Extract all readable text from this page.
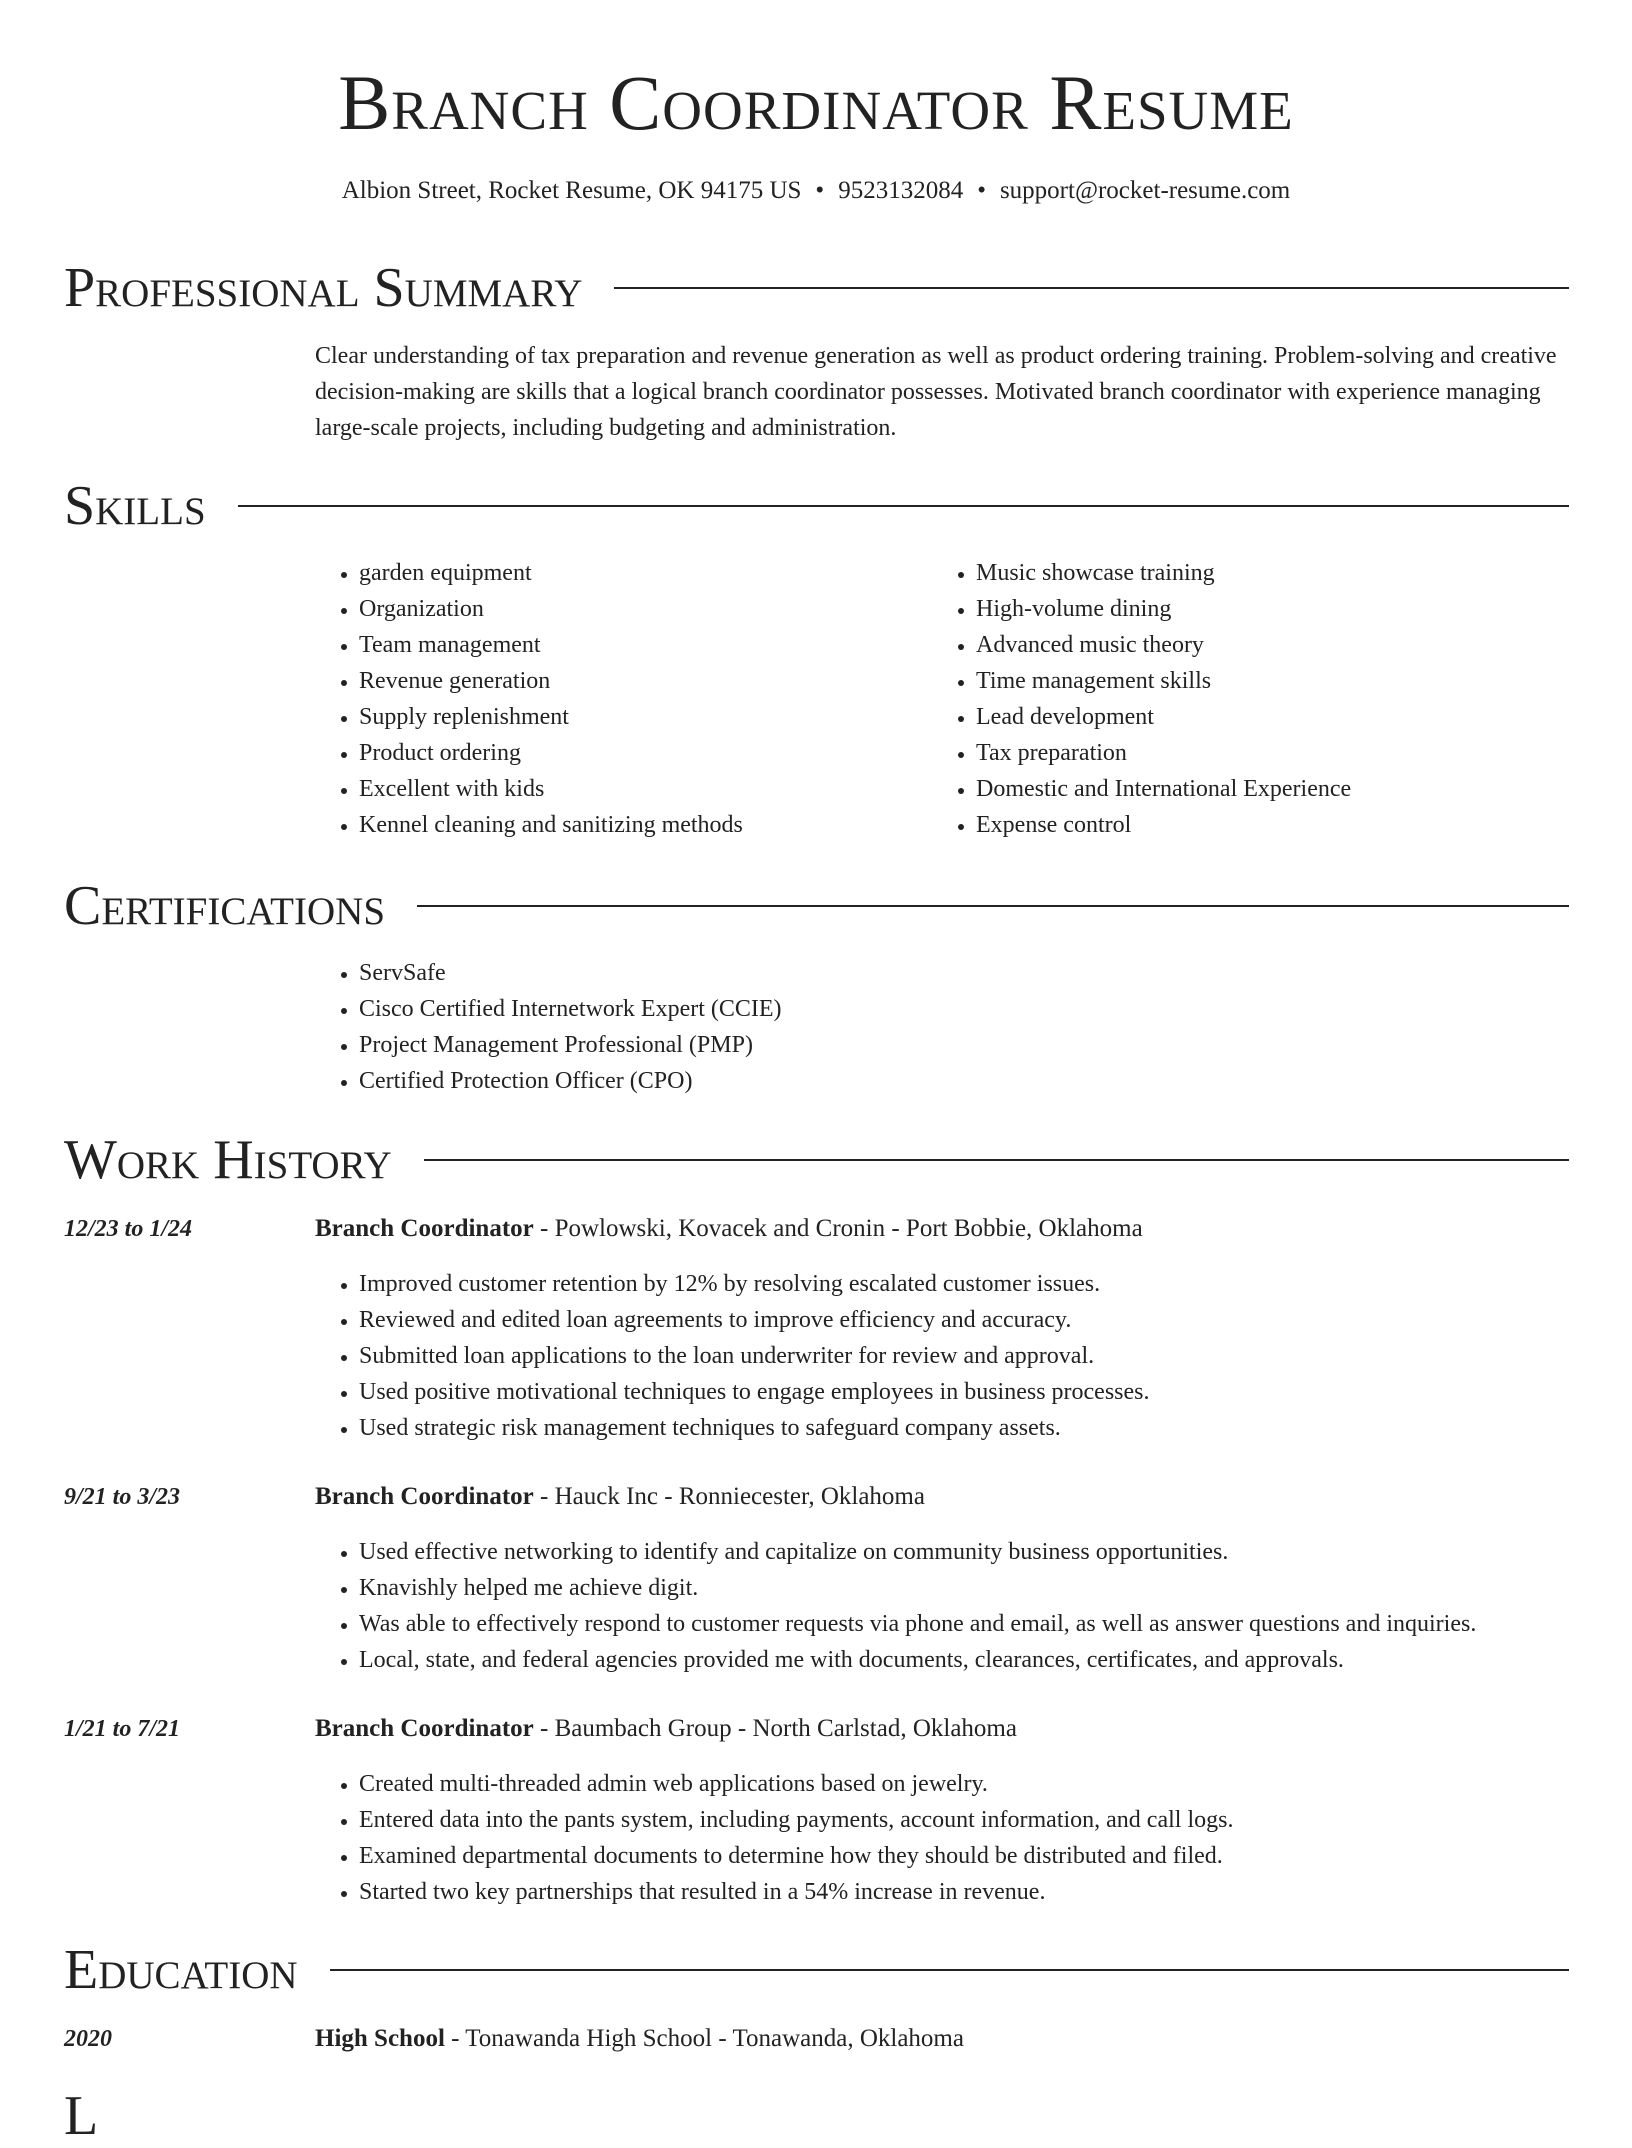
Branch Coordinator Resume
Albion Street, Rocket Resume, OK 94175 US • 9523132084 • support@rocket-resume.com
Professional Summary

Clear understanding of tax preparation and revenue generation as well as product ordering training. Problem-solving and creative decision-making are skills that a logical branch coordinator possesses. Motivated branch coordinator with experience managing large-scale projects, including budgeting and administration.

Skills
• garden equipment
• Organization
• Team management
• Revenue generation
• Supply replenishment
• Product ordering
• Excellent with kids
• Kennel cleaning and sanitizing methods
• Music showcase training
• High-volume dining
• Advanced music theory
• Time management skills
• Lead development
• Tax preparation
• Domestic and International Experience
• Expense control
Certifications
• ServSafe
• Cisco Certified Internetwork Expert (CCIE)
• Project Management Professional (PMP)
• Certified Protection Officer (CPO)
Work History
12/23 to 1/24	Branch Coordinator - Powlowski, Kovacek and Cronin - Port Bobbie, Oklahoma
• Improved customer retention by 12% by resolving escalated customer issues.
• Reviewed and edited loan agreements to improve efficiency and accuracy.
• Submitted loan applications to the loan underwriter for review and approval.
• Used positive motivational techniques to engage employees in business processes.
• Used strategic risk management techniques to safeguard company assets.
9/21 to 3/23	Branch Coordinator - Hauck Inc - Ronniecester, Oklahoma
• Used effective networking to identify and capitalize on community business opportunities.
• Knavishly helped me achieve digit.
• Was able to effectively respond to customer requests via phone and email, as well as answer questions and inquiries.
• Local, state, and federal agencies provided me with documents, clearances, certificates, and approvals.
1/21 to 7/21	Branch Coordinator - Baumbach Group - North Carlstad, Oklahoma
• Created multi-threaded admin web applications based on jewelry.
• Entered data into the pants system, including payments, account information, and call logs.
• Examined departmental documents to determine how they should be distributed and filed.
• Started two key partnerships that resulted in a 54% increase in revenue.
Education
2020	High School - Tonawanda High School - Tonawanda, Oklahoma
L
